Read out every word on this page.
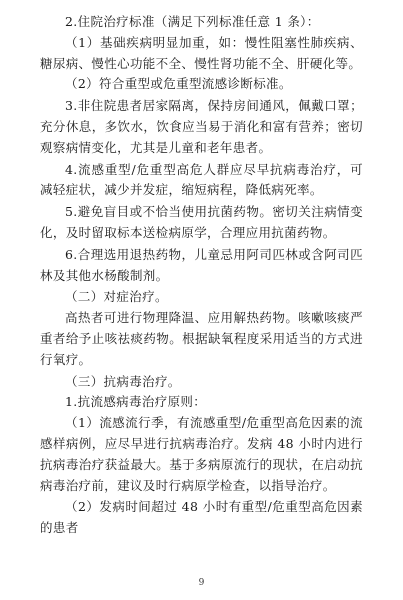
2.住院治疗标准（满足下列标准任意 1 条）：

（1）基础疾病明显加重，如：慢性阻塞性肺疾病、糖尿病、慢性心功能不全、慢性肾功能不全、肝硬化等。

（2）符合重型或危重型流感诊断标准。

3.非住院患者居家隔离，保持房间通风，佩戴口罩；充分休息，多饮水，饮食应当易于消化和富有营养；密切观察病情变化，尤其是儿童和老年患者。

4.流感重型/危重型高危人群应尽早抗病毒治疗，可减轻症状，减少并发症，缩短病程，降低病死率。

5.避免盲目或不恰当使用抗菌药物。密切关注病情变化，及时留取标本送检病原学，合理应用抗菌药物。

6.合理选用退热药物，儿童忌用阿司匹林或含阿司匹林及其他水杨酸制剂。

（二）对症治疗。

高热者可进行物理降温、应用解热药物。咳嗽咳痰严重者给予止咳祛痰药物。根据缺氧程度采用适当的方式进行氧疗。

（三）抗病毒治疗。

1.抗流感病毒治疗原则：

（1）流感流行季，有流感重型/危重型高危因素的流感样病例，应尽早进行抗病毒治疗。发病 48 小时内进行抗病毒治疗获益最大。基于多病原流行的现状，在启动抗病毒治疗前，建议及时行病原学检查，以指导治疗。

（2）发病时间超过 48 小时有重型/危重型高危因素的患者

9
